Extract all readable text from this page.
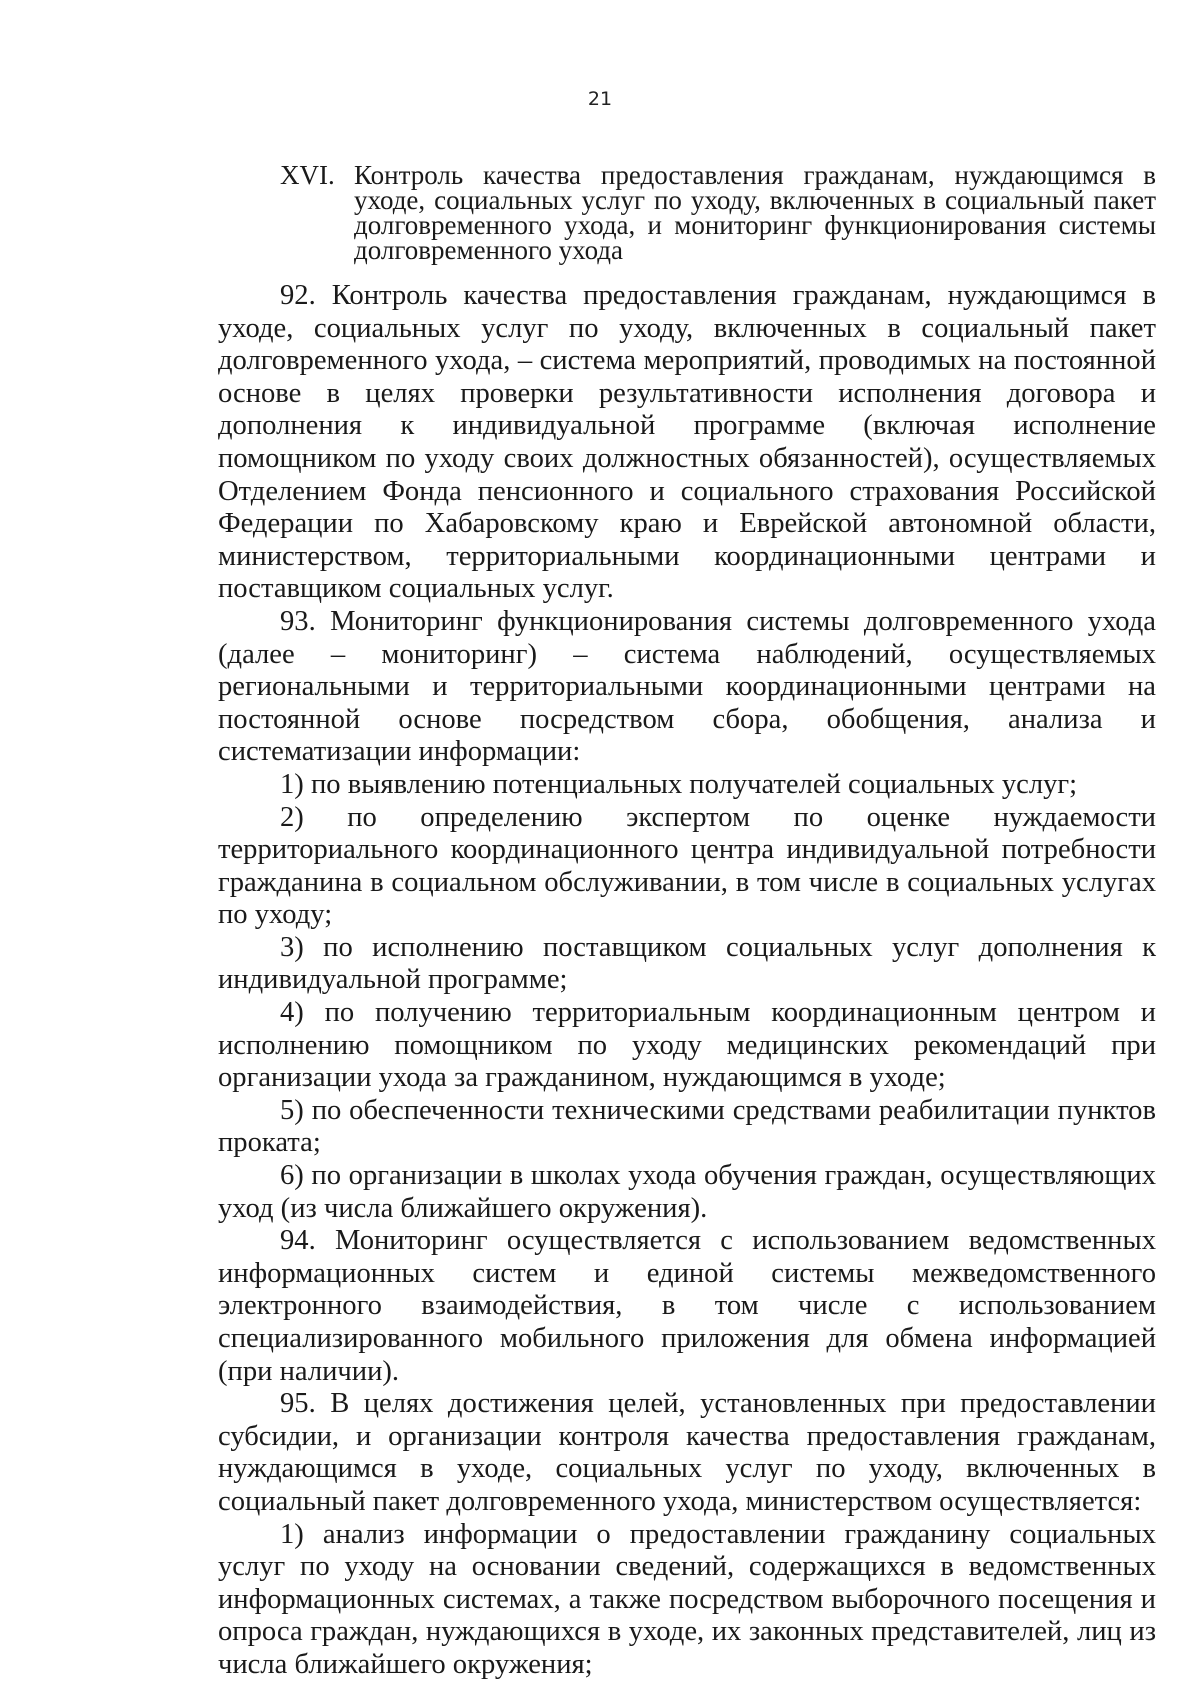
21
XVI. Контроль качества предоставления гражданам, нуждающимся в уходе, социальных услуг по уходу, включенных в социальный пакет долговременного ухода, и мониторинг функционирования системы долговременного ухода

92. Контроль качества предоставления гражданам, нуждающимся в уходе, социальных услуг по уходу, включенных в социальный пакет долговременного ухода, – система мероприятий, проводимых на постоянной основе в целях проверки результативности исполнения договора и дополнения к индивидуальной программе (включая исполнение помощником по уходу своих должностных обязанностей), осуществляемых Отделением Фонда пенсионного и социального страхования Российской Федерации по Хабаровскому краю и Еврейской автономной области, министерством, территориальными координационными центрами и поставщиком социальных услуг.

93. Мониторинг функционирования системы долговременного ухода (далее – мониторинг) – система наблюдений, осуществляемых региональными и территориальными координационными центрами на постоянной основе посредством сбора, обобщения, анализа и систематизации информации:

1) по выявлению потенциальных получателей социальных услуг;

2) по определению экспертом по оценке нуждаемости территориального координационного центра индивидуальной потребности гражданина в социальном обслуживании, в том числе в социальных услугах по уходу;

3) по исполнению поставщиком социальных услуг дополнения к индивидуальной программе;

4) по получению территориальным координационным центром и исполнению помощником по уходу медицинских рекомендаций при организации ухода за гражданином, нуждающимся в уходе;

5) по обеспеченности техническими средствами реабилитации пунктов проката;

6) по организации в школах ухода обучения граждан, осуществляющих уход (из числа ближайшего окружения).

94. Мониторинг осуществляется с использованием ведомственных информационных систем и единой системы межведомственного электронного взаимодействия, в том числе с использованием специализированного мобильного приложения для обмена информацией (при наличии).

95. В целях достижения целей, установленных при предоставлении субсидии, и организации контроля качества предоставления гражданам, нуждающимся в уходе, социальных услуг по уходу, включенных в социальный пакет долговременного ухода, министерством осуществляется:

1) анализ информации о предоставлении гражданину социальных услуг по уходу на основании сведений, содержащихся в ведомственных информационных системах, а также посредством выборочного посещения и опроса граждан, нуждающихся в уходе, их законных представителей, лиц из числа ближайшего окружения;
